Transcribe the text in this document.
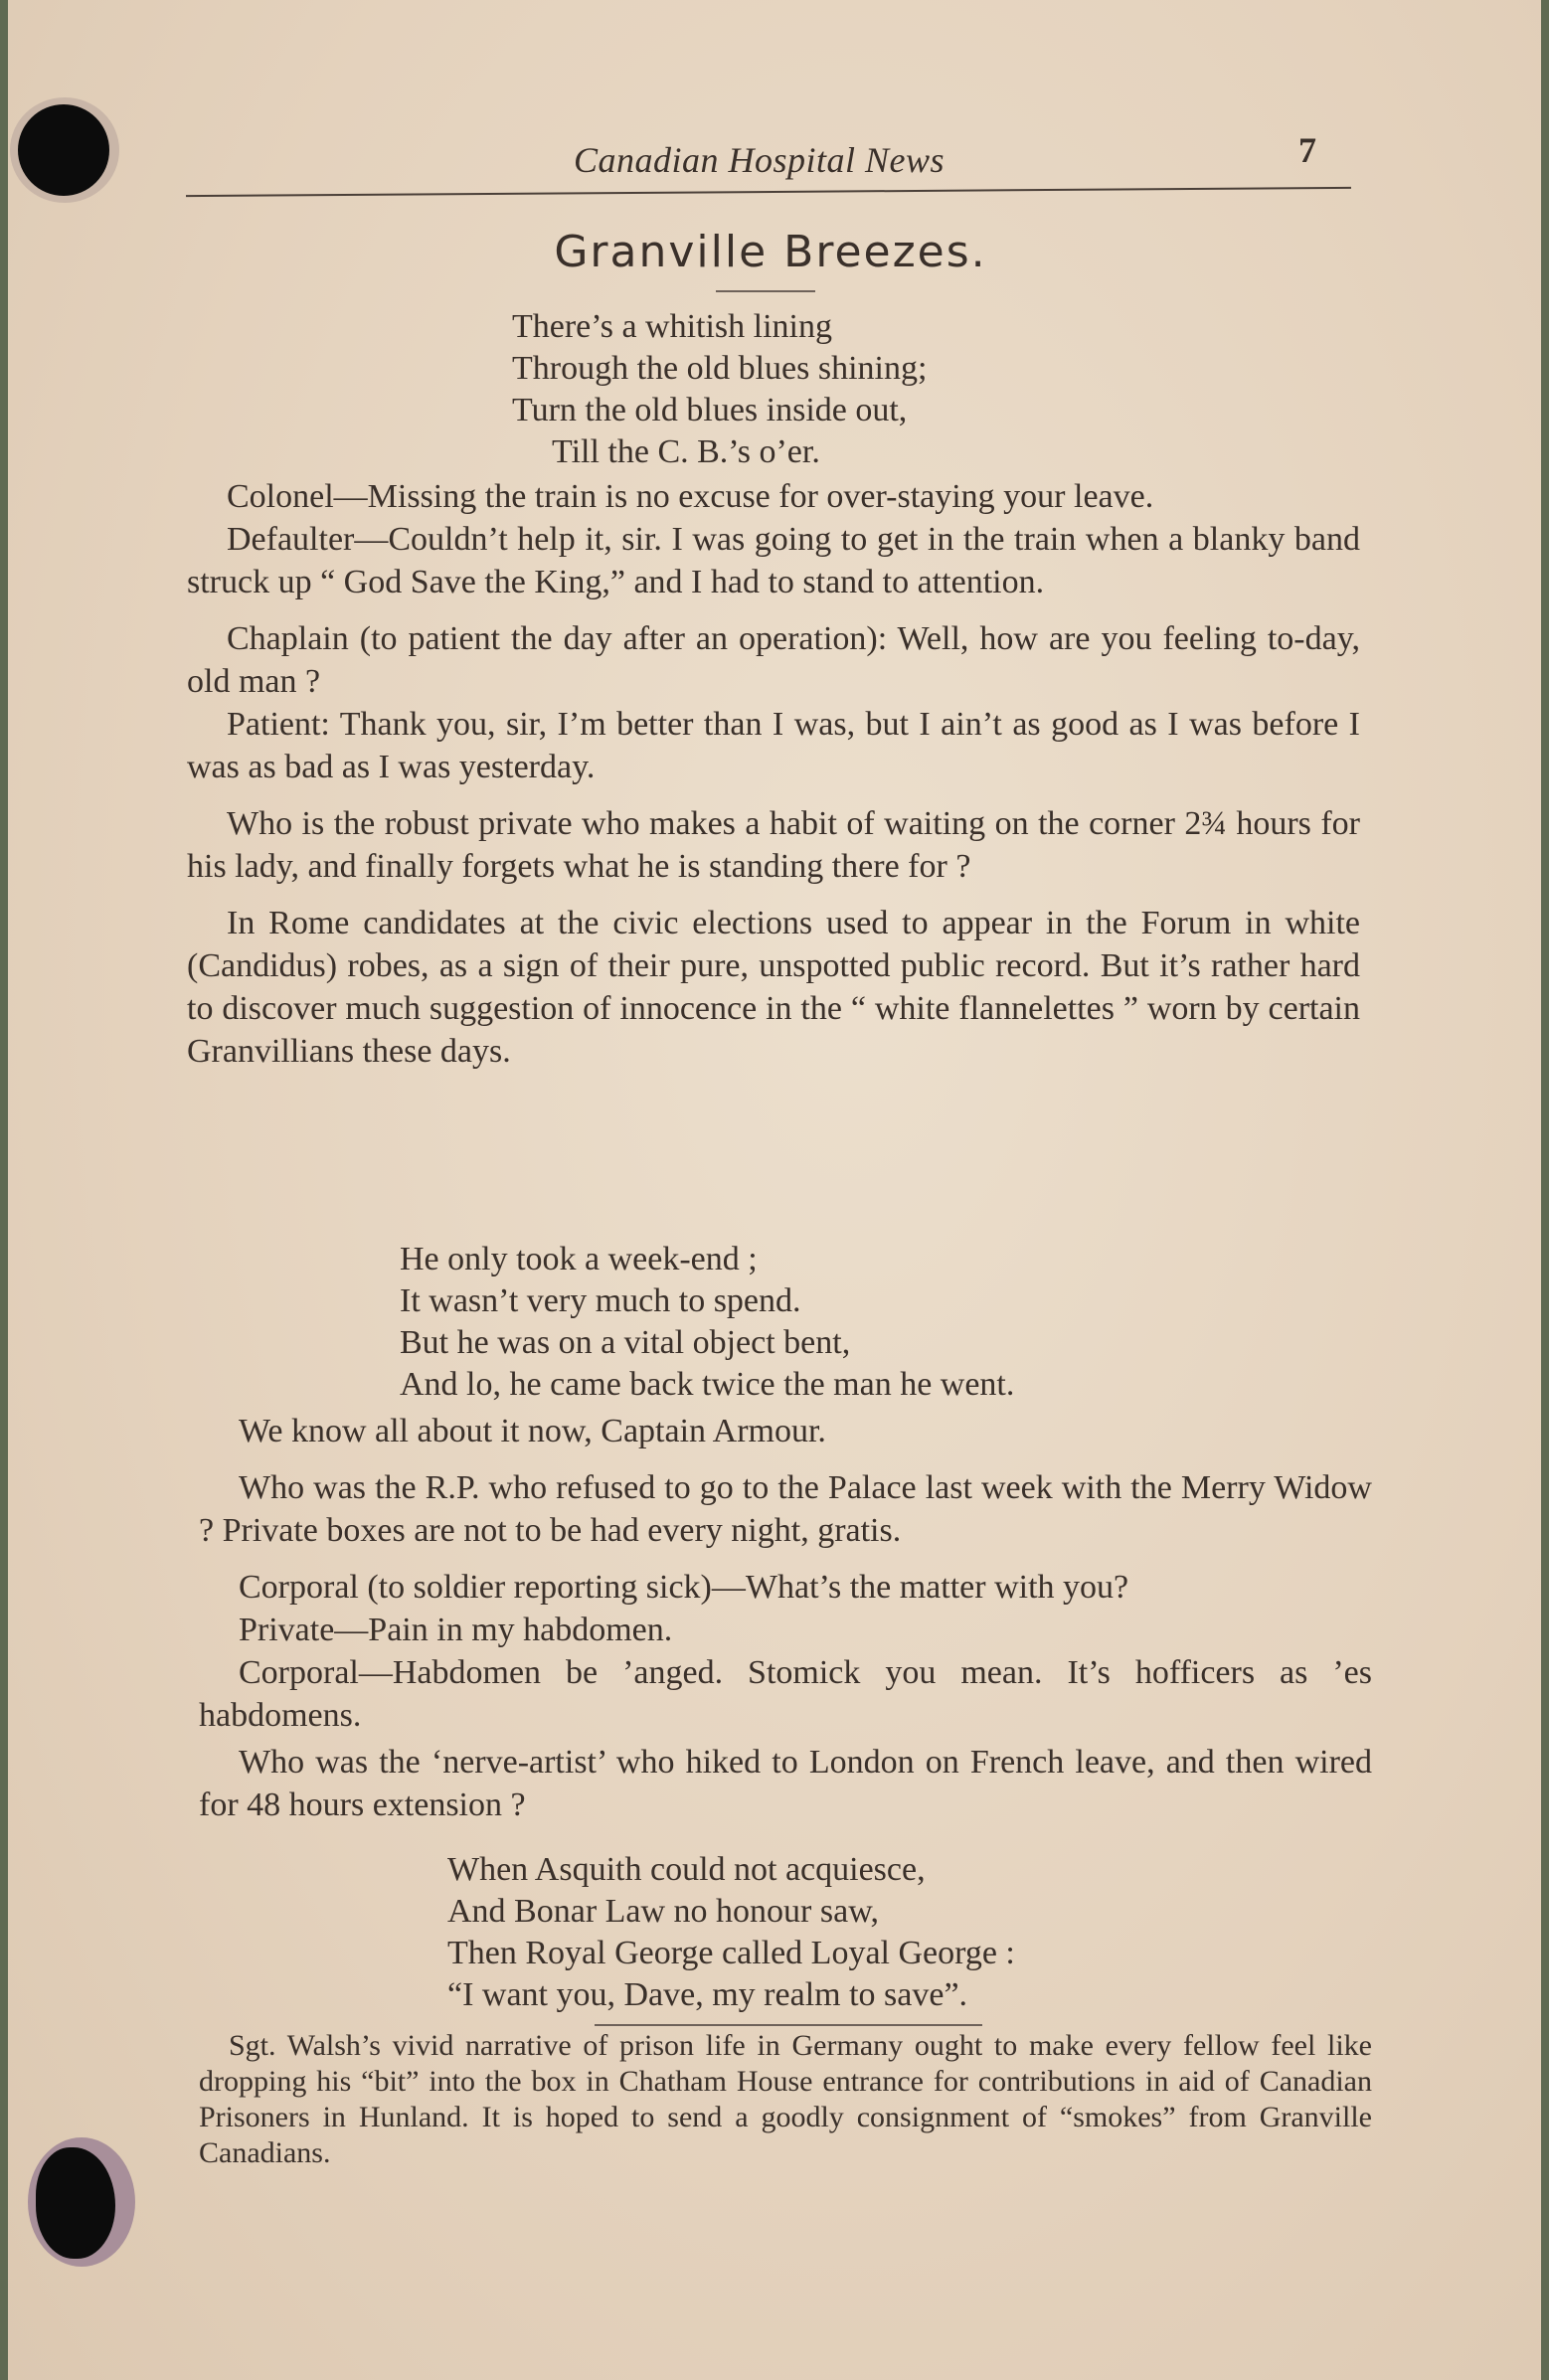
Canadian Hospital News	7
Granville Breezes.
There’s a whitish lining
Through the old blues shining;
Turn the old blues inside out,
Till the C. B.’s o’er.
Colonel—Missing the train is no excuse for over-staying your leave.
Defaulter—Couldn’t help it, sir. I was going to get in the train when a blanky band struck up “ God Save the King,” and I had to stand to attention.
Chaplain (to patient the day after an operation): Well, how are you feeling to-day, old man ?
Patient: Thank you, sir, I’m better than I was, but I ain’t as good as I was before I was as bad as I was yesterday.
Who is the robust private who makes a habit of waiting on the corner 2¾ hours for his lady, and finally forgets what he is standing there for ?
In Rome candidates at the civic elections used to appear in the Forum in white (Candidus) robes, as a sign of their pure, unspotted public record. But it’s rather hard to discover much suggestion of innocence in the “ white flannelettes ” worn by certain Granvillians these days.
He only took a week-end ;
It wasn’t very much to spend.
But he was on a vital object bent,
And lo, he came back twice the man he went.
We know all about it now, Captain Armour.
Who was the R.P. who refused to go to the Palace last week with the Merry Widow ? Private boxes are not to be had every night, gratis.
Corporal (to soldier reporting sick)—What’s the matter with you?
Private—Pain in my habdomen.
Corporal—Habdomen be ’anged. Stomick you mean. It’s hofficers as ’es habdomens.
Who was the ‘nerve-artist’ who hiked to London on French leave, and then wired for 48 hours extension ?
When Asquith could not acquiesce,
And Bonar Law no honour saw,
Then Royal George called Loyal George :
“I want you, Dave, my realm to save”.
Sgt. Walsh’s vivid narrative of prison life in Germany ought to make every fellow feel like dropping his “bit” into the box in Chatham House entrance for contributions in aid of Canadian Prisoners in Hunland. It is hoped to send a goodly consignment of “smokes” from Granville Canadians.
